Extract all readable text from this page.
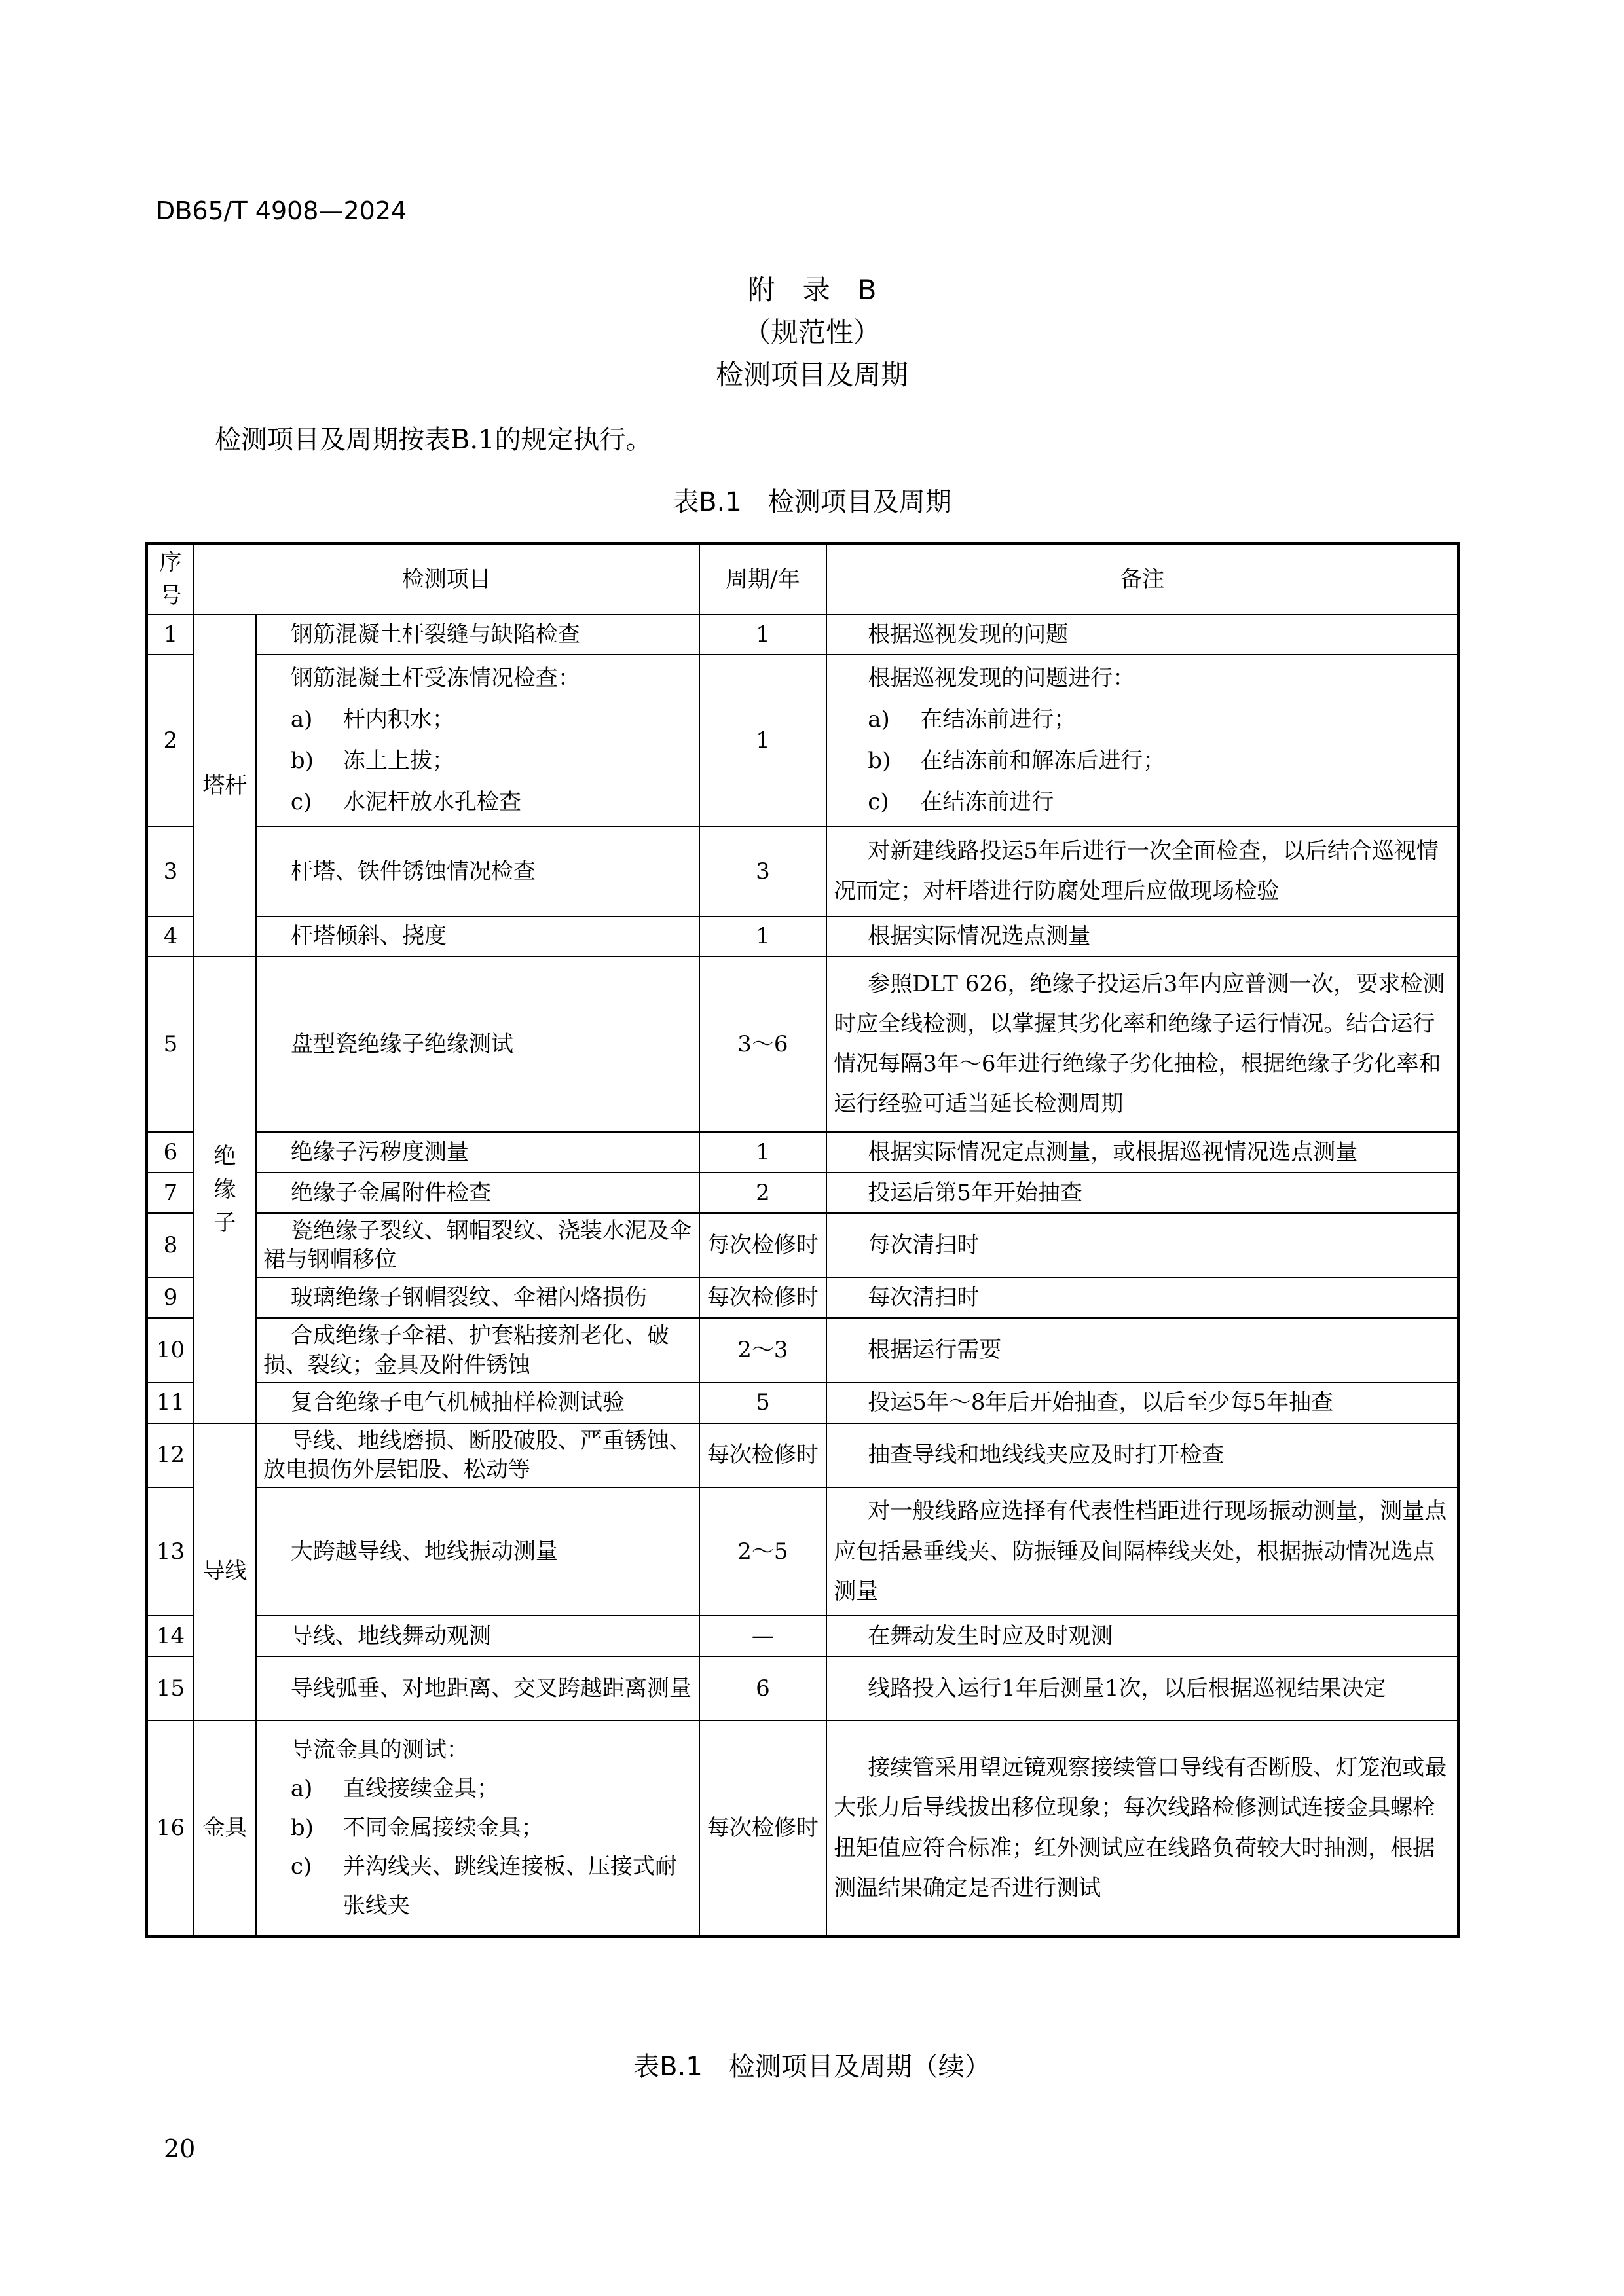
DB65/T 4908—2024
附　录　B
（规范性）
检测项目及周期
检测项目及周期按表B.1的规定执行。
表B.1　检测项目及周期
序号	检测项目		周期/年	备注
1	塔杆	钢筋混凝土杆裂缝与缺陷检查	1	根据巡视发现的问题
2		钢筋混凝土杆受冻情况检查：
a) 杆内积水；
b) 冻土上拔；
c) 水泥杆放水孔检查	1	根据巡视发现的问题进行：
a) 在结冻前进行；
b) 在结冻前和解冻后进行；
c) 在结冻前进行

3		杆塔、铁件锈蚀情况检查	3	对新建线路投运5年后进行一次全面检查，以后结合巡视情况而定；对杆塔进行防腐处理后应做现场检验
4		杆塔倾斜、挠度	1	根据实际情况选点测量
5	绝缘子	盘型瓷绝缘子绝缘测试	3～6	参照DLT 626，绝缘子投运后3年内应普测一次，要求检测时应全线检测，以掌握其劣化率和绝缘子运行情况。结合运行情况每隔3年～6年进行绝缘子劣化抽检，根据绝缘子劣化率和运行经验可适当延长检测周期
6		绝缘子污秽度测量	1	根据实际情况定点测量，或根据巡视情况选点测量
7		绝缘子金属附件检查	2	投运后第5年开始抽查
8		瓷绝缘子裂纹、钢帽裂纹、浇装水泥及伞裙与钢帽移位	每次检修时	每次清扫时
9		玻璃绝缘子钢帽裂纹、伞裙闪烙损伤	每次检修时	每次清扫时
10		合成绝缘子伞裙、护套粘接剂老化、破损、裂纹；金具及附件锈蚀	2～3	根据运行需要
11		复合绝缘子电气机械抽样检测试验	5	投运5年～8年后开始抽查，以后至少每5年抽查
12	导线	导线、地线磨损、断股破股、严重锈蚀、放电损伤外层铝股、松动等	每次检修时	抽查导线和地线线夹应及时打开检查
13		大跨越导线、地线振动测量	2～5	对一般线路应选择有代表性档距进行现场振动测量，测量点应包括悬垂线夹、防振锤及间隔棒线夹处，根据振动情况选点测量
14		导线、地线舞动观测	—	在舞动发生时应及时观测
15		导线弧垂、对地距离、交叉跨越距离测量	6	线路投入运行1年后测量1次，以后根据巡视结果决定
16	金具	导流金具的测试：
a) 直线接续金具；
b) 不同金属接续金具；
c) 并沟线夹、跳线连接板、压接式耐张线夹	每次检修时	接续管采用望远镜观察接续管口导线有否断股、灯笼泡或最大张力后导线拔出移位现象；每次线路检修测试连接金具螺栓扭矩值应符合标准；红外测试应在线路负荷较大时抽测，根据测温结果确定是否进行测试
表B.1　检测项目及周期（续）
20
